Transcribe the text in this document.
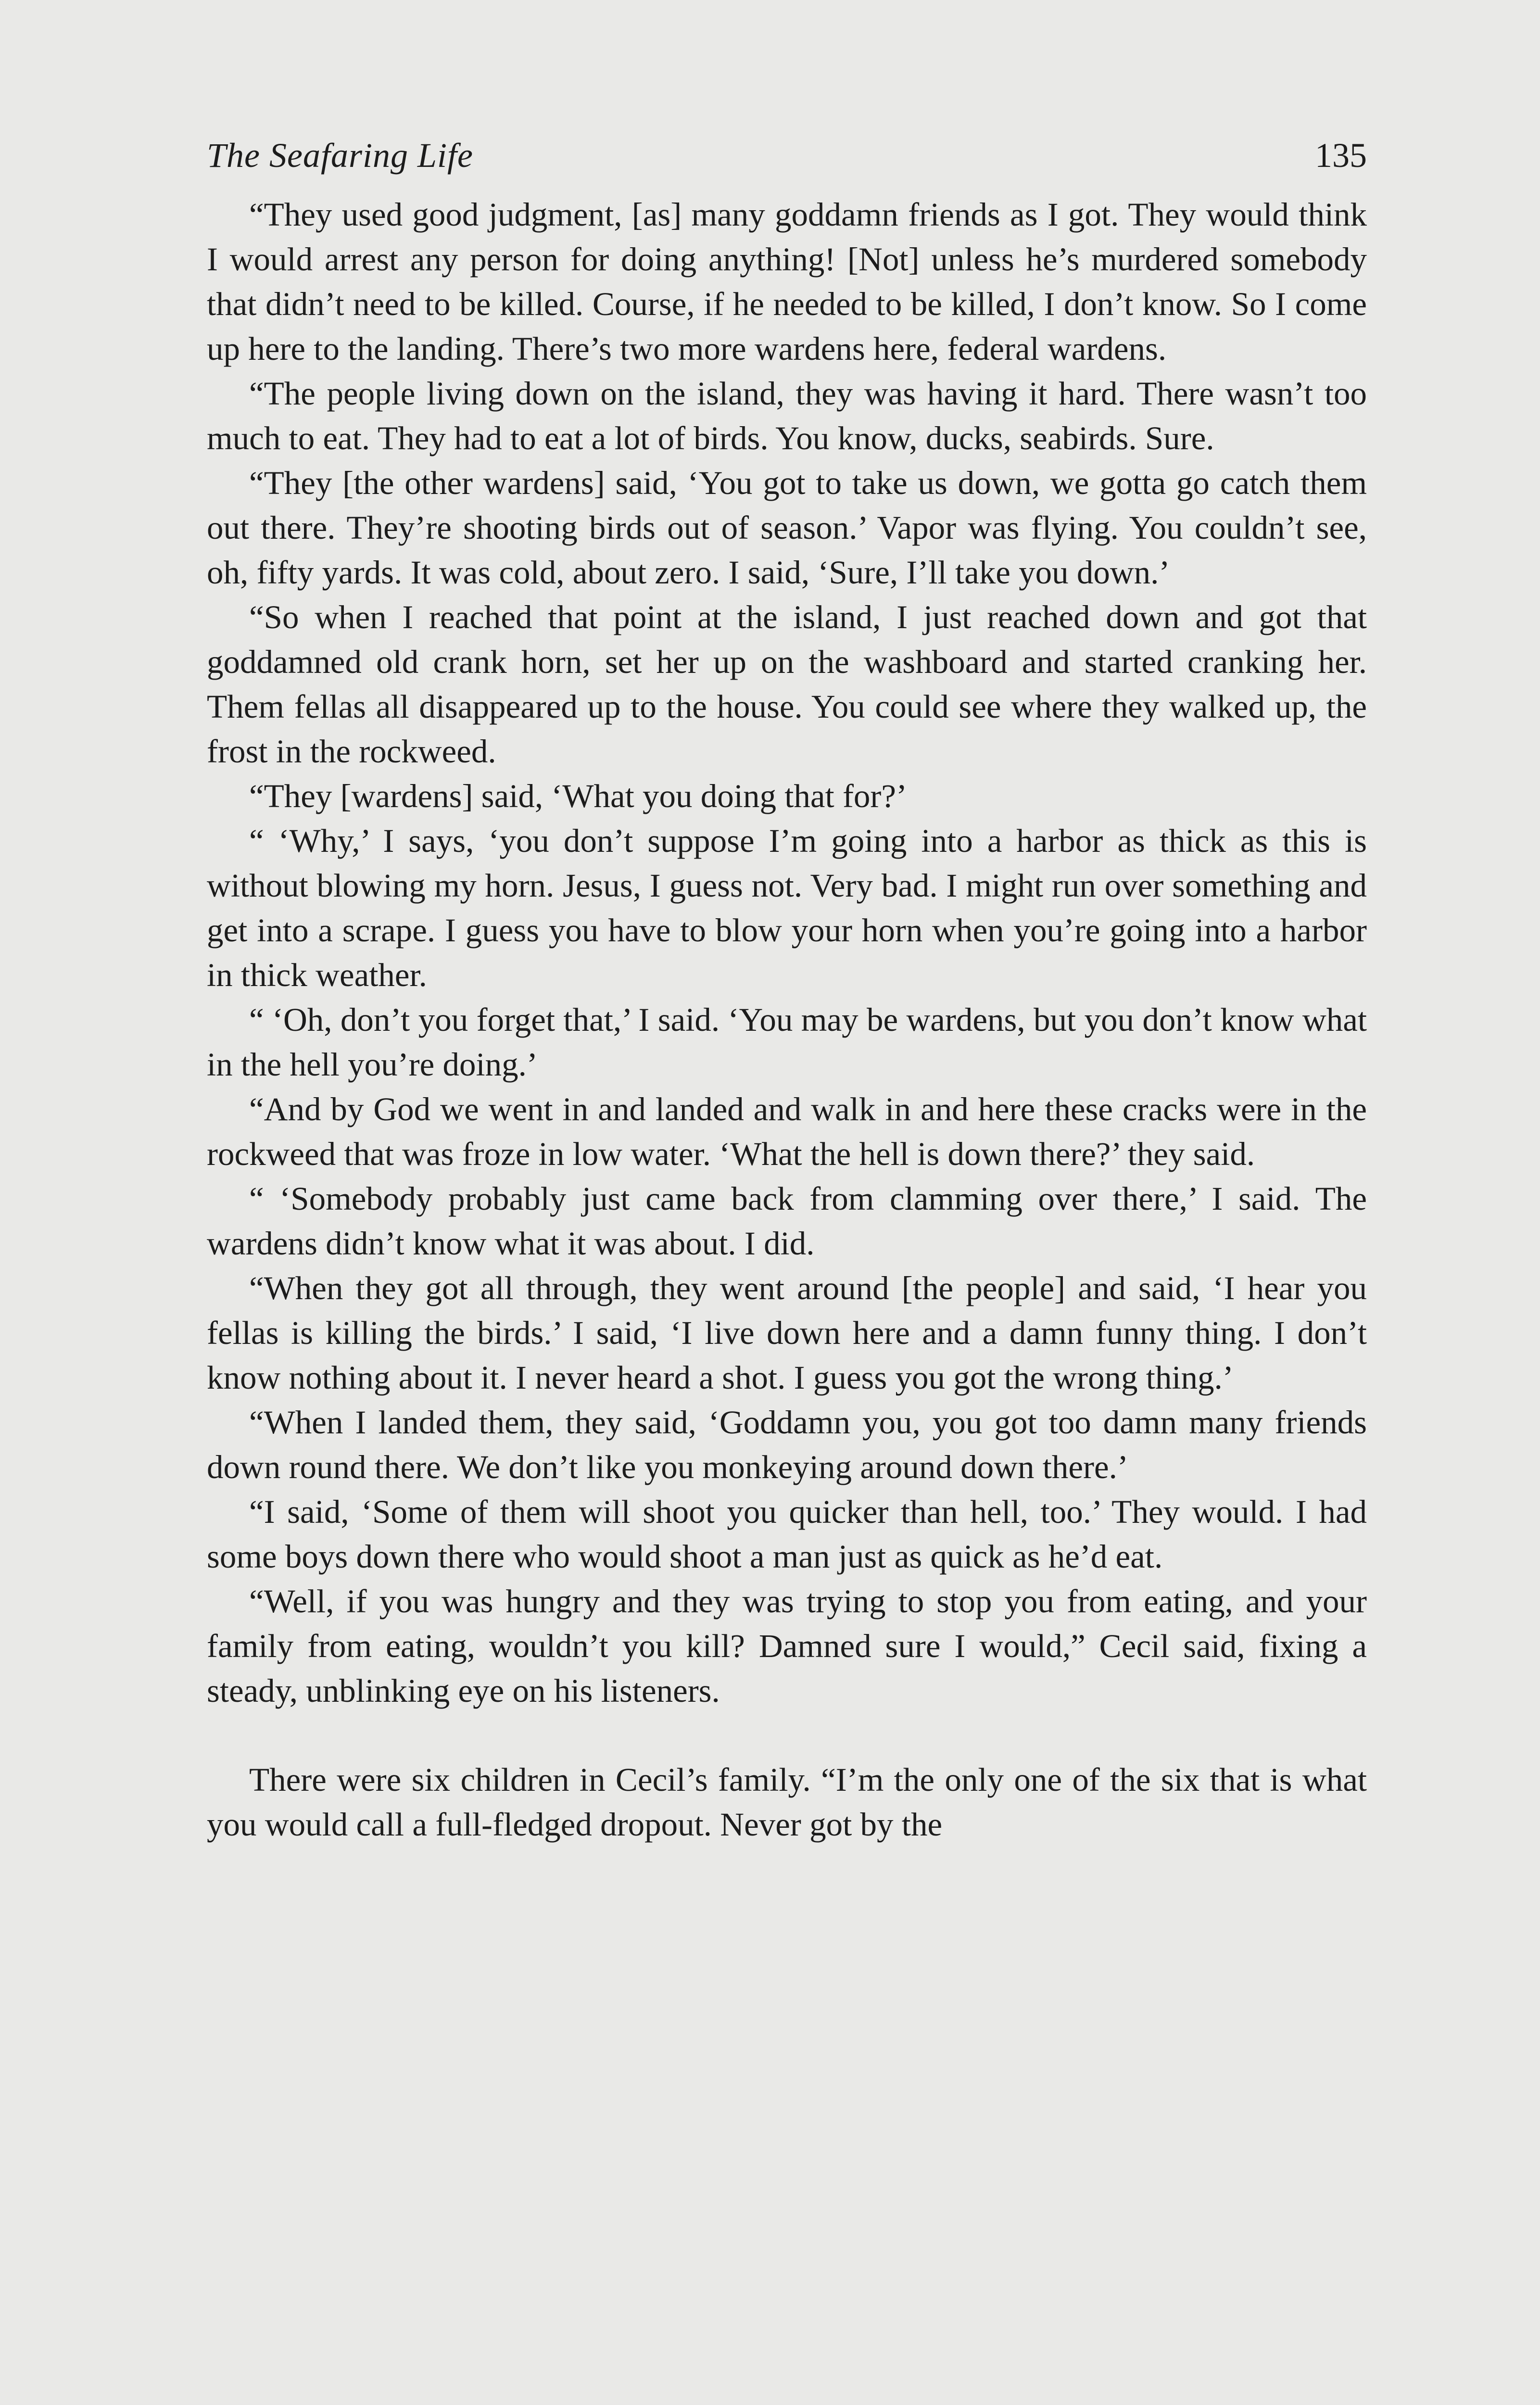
The Seafaring Life	135

“They used good judgment, [as] many goddamn friends as I got. They would think I would arrest any person for doing anything! [Not] unless he’s murdered somebody that didn’t need to be killed. Course, if he needed to be killed, I don’t know. So I come up here to the landing. There’s two more wardens here, federal wardens.

“The people living down on the island, they was having it hard. There wasn’t too much to eat. They had to eat a lot of birds. You know, ducks, seabirds. Sure.

“They [the other wardens] said, ‘You got to take us down, we gotta go catch them out there. They’re shooting birds out of season.’ Vapor was flying. You couldn’t see, oh, fifty yards. It was cold, about zero. I said, ‘Sure, I’ll take you down.’

“So when I reached that point at the island, I just reached down and got that goddamned old crank horn, set her up on the washboard and started cranking her. Them fellas all disappeared up to the house. You could see where they walked up, the frost in the rockweed.

“They [wardens] said, ‘What you doing that for?’

“ ‘Why,’ I says, ‘you don’t suppose I’m going into a harbor as thick as this is without blowing my horn. Jesus, I guess not. Very bad. I might run over something and get into a scrape. I guess you have to blow your horn when you’re going into a harbor in thick weather.

“ ‘Oh, don’t you forget that,’ I said. ‘You may be wardens, but you don’t know what in the hell you’re doing.’

“And by God we went in and landed and walk in and here these cracks were in the rockweed that was froze in low water. ‘What the hell is down there?’ they said.

“ ‘Somebody probably just came back from clamming over there,’ I said. The wardens didn’t know what it was about. I did.

“When they got all through, they went around [the people] and said, ‘I hear you fellas is killing the birds.’ I said, ‘I live down here and a damn funny thing. I don’t know nothing about it. I never heard a shot. I guess you got the wrong thing.’

“When I landed them, they said, ‘Goddamn you, you got too damn many friends down round there. We don’t like you monkeying around down there.’

“I said, ‘Some of them will shoot you quicker than hell, too.’ They would. I had some boys down there who would shoot a man just as quick as he’d eat.

“Well, if you was hungry and they was trying to stop you from eating, and your family from eating, wouldn’t you kill? Damned sure I would,” Cecil said, fixing a steady, unblinking eye on his listeners.

There were six children in Cecil’s family. “I’m the only one of the six that is what you would call a full-fledged dropout. Never got by the
